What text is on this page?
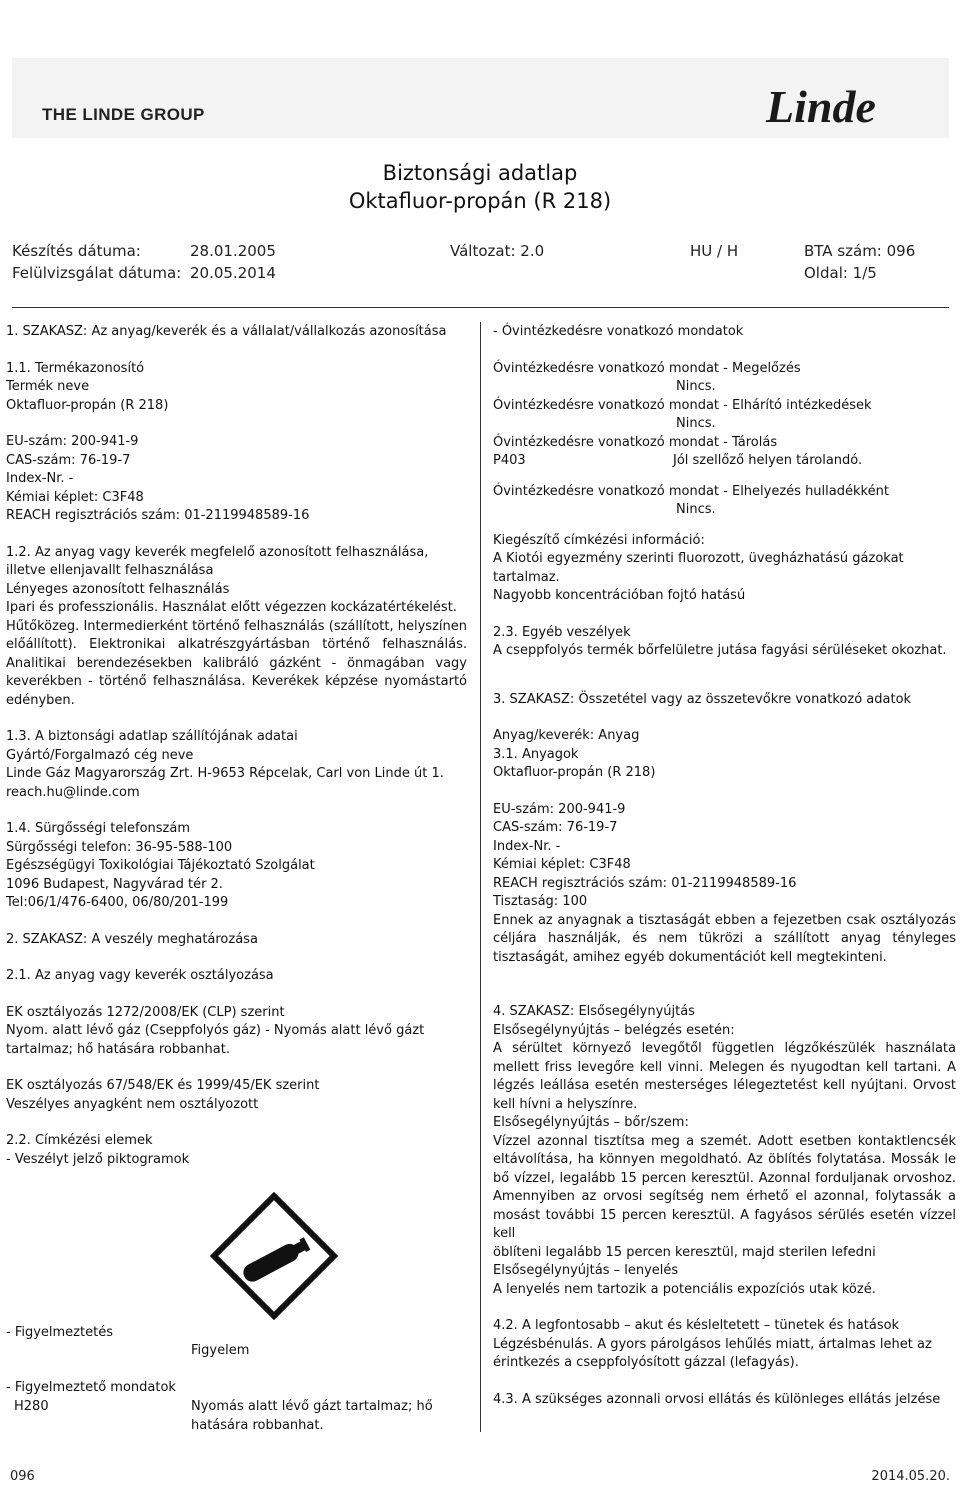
THE LINDE GROUP	Linde
Biztonsági adatlap
Oktafluor-propán (R 218)
Készítés dátuma:	28.01.2005	Változat: 2.0	HU / H	BTA szám: 096
Felülvizsgálat dátuma: 20.05.2014	Oldal: 1/5

1. SZAKASZ: Az anyag/keverék és a vállalat/vállalkozás azonosítása

1.1. Termékazonosító

Termék neve

Oktafluor-propán (R 218)

EU-szám: 200-941-9

CAS-szám: 76-19-7

Index-Nr. -

Kémiai képlet: C3F48

REACH regisztrációs szám: 01-2119948589-16

1.2. Az anyag vagy keverék megfelelő azonosított felhasználása, illetve ellenjavallt felhasználása

Lényeges azonosított felhasználás

Ipari és professzionális. Használat előtt végezzen kockázatértékelést.

Hűtőközeg. Intermedierként történő felhasználás (szállított, helyszínen előállított). Elektronikai alkatrészgyártásban történő felhasználás. Analitikai berendezésekben kalibráló gázként - önmagában vagy keverékben - történő felhasználása. Keverékek képzése nyomástartó edényben.

1.3. A biztonsági adatlap szállítójának adatai

Gyártó/Forgalmazó cég neve

Linde Gáz Magyarország Zrt. H-9653 Répcelak, Carl von Linde út 1.

reach.hu@linde.com

1.4. Sürgősségi telefonszám

Sürgősségi telefon: 36-95-588-100

Egészségügyi Toxikológiai Tájékoztató Szolgálat

1096 Budapest, Nagyvárad tér 2.

Tel:06/1/476-6400, 06/80/201-199

2. SZAKASZ: A veszély meghatározása

2.1. Az anyag vagy keverék osztályozása

EK osztályozás 1272/2008/EK (CLP) szerint

Nyom. alatt lévő gáz (Cseppfolyós gáz) - Nyomás alatt lévő gázt tartalmaz; hő hatására robbanhat.

EK osztályozás 67/548/EK és 1999/45/EK szerint

Veszélyes anyagként nem osztályozott

2.2. Címkézési elemek

- Veszélyt jelző piktogramok

- Figyelmeztetés
Figyelem
- Figyelmeztető mondatok
H280	Nyomás alatt lévő gázt tartalmaz; hő hatására robbanhat.

- Óvintézkedésre vonatkozó mondatok

Óvintézkedésre vonatkozó mondat - Megelőzés

Nincs.

Óvintézkedésre vonatkozó mondat - Elhárító intézkedések

Nincs.

Óvintézkedésre vonatkozó mondat - Tárolás

P403	Jól szellőző helyen tárolandó.

Óvintézkedésre vonatkozó mondat - Elhelyezés hulladékként

Nincs.

Kiegészítő címkézési információ:

A Kiotói egyezmény szerinti fluorozott, üvegházhatású gázokat tartalmaz.

Nagyobb koncentrációban fojtó hatású

2.3. Egyéb veszélyek

A cseppfolyós termék bőrfelületre jutása fagyási sérüléseket okozhat.

3. SZAKASZ: Összetétel vagy az összetevőkre vonatkozó adatok

Anyag/keverék: Anyag

3.1. Anyagok

Oktafluor-propán (R 218)

EU-szám: 200-941-9

CAS-szám: 76-19-7

Index-Nr. -

Kémiai képlet: C3F48

REACH regisztrációs szám: 01-2119948589-16

Tisztaság: 100

Ennek az anyagnak a tisztaságát ebben a fejezetben csak osztályozás céljára használják, és nem tükrözi a szállított anyag tényleges tisztaságát, amihez egyéb dokumentációt kell megtekinteni.

4. SZAKASZ: Elsősegélynyújtás

Elsősegélynyújtás – belégzés esetén:

A sérültet környező levegőtől független légzőkészülék használata mellett friss levegőre kell vinni. Melegen és nyugodtan kell tartani. A légzés leállása esetén mesterséges lélegeztetést kell nyújtani. Orvost kell hívni a helyszínre.

Elsősegélynyújtás – bőr/szem:

Vízzel azonnal tisztítsa meg a szemét. Adott esetben kontaktlencsék eltávolítása, ha könnyen megoldható. Az öblítés folytatása. Mossák le bő vízzel, legalább 15 percen keresztül. Azonnal forduljanak orvoshoz. Amennyiben az orvosi segítség nem érhető el azonnal, folytassák a mosást további 15 percen keresztül. A fagyásos sérülés esetén vízzel kell

öblíteni legalább 15 percen keresztül, majd sterilen lefedni

Elsősegélynyújtás – lenyelés

A lenyelés nem tartozik a potenciális expozíciós utak közé.

4.2. A legfontosabb – akut és késleltetett – tünetek és hatások

Légzésbénulás. A gyors párolgásos lehűlés miatt, ártalmas lehet az érintkezés a cseppfolyósított gázzal (lefagyás).

4.3. A szükséges azonnali orvosi ellátás és különleges ellátás jelzése

096	2014.05.20.
